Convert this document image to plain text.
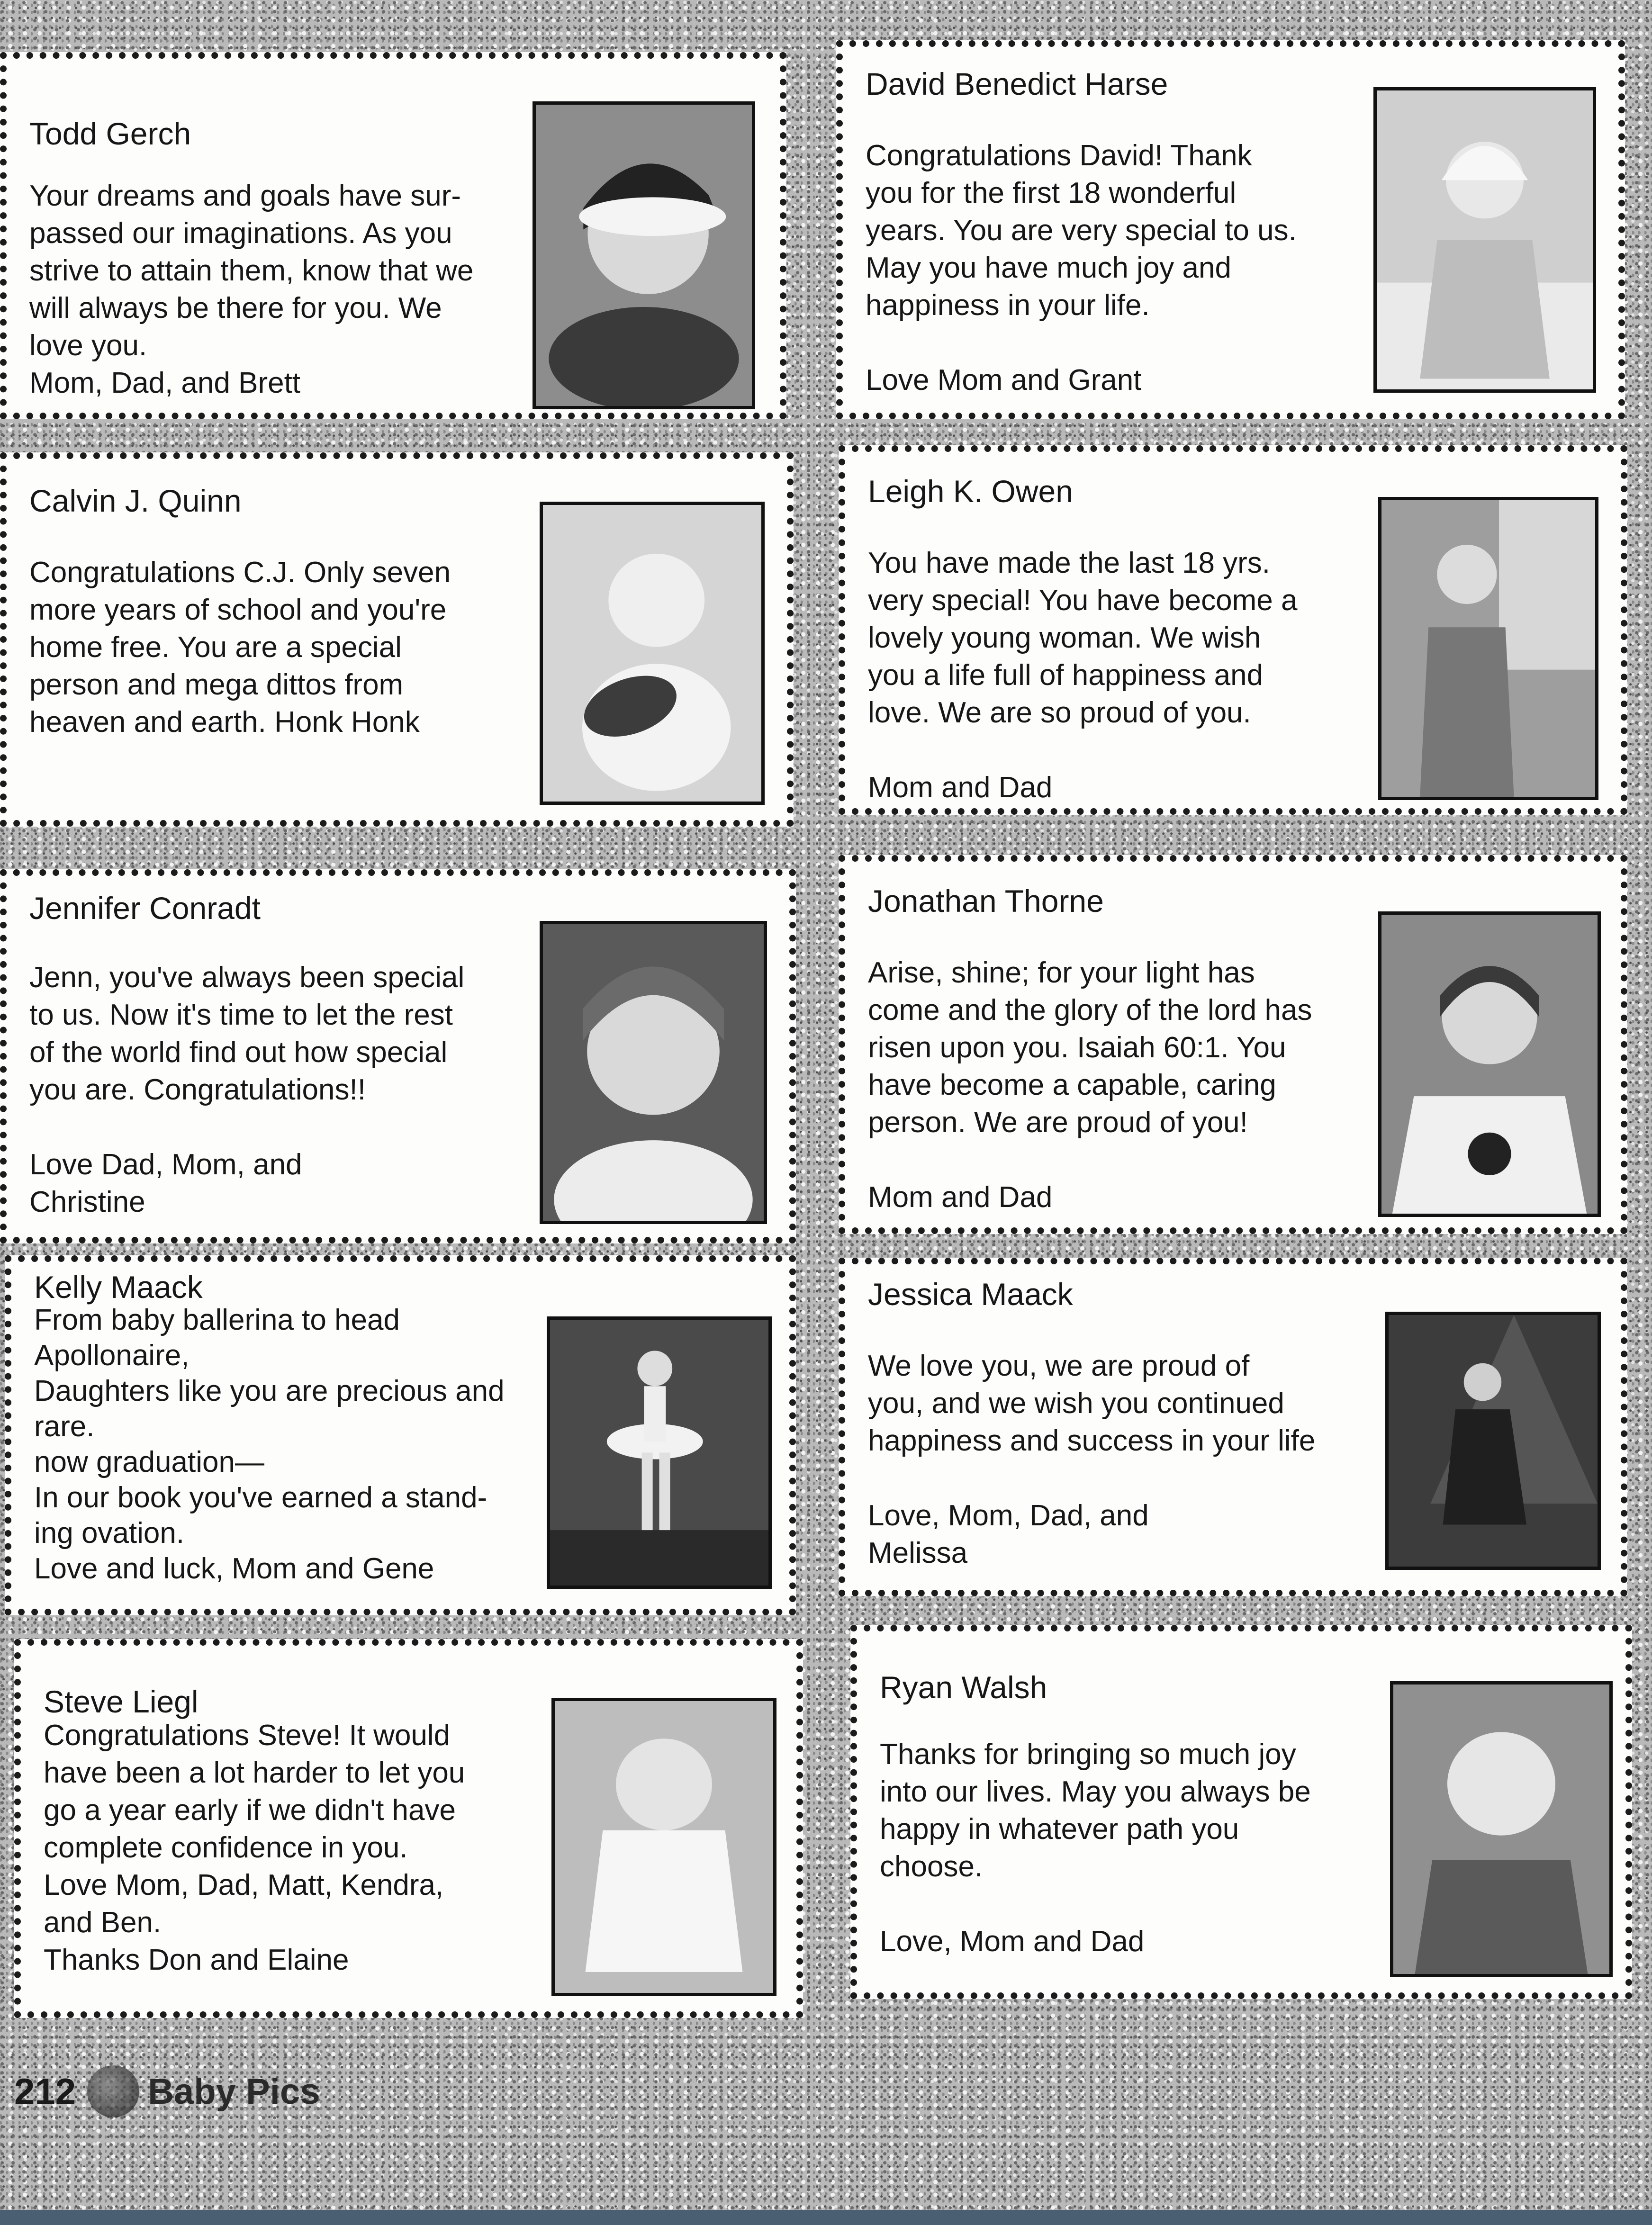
Todd Gerch
Your dreams and goals have sur-
passed our imaginations. As you
strive to attain them, know that we
will always be there for you. We
love you.
Mom, Dad, and Brett
David Benedict Harse
Congratulations David! Thank
you for the first 18 wonderful
years. You are very special to us.
May you have much joy and
happiness in your life.

Love Mom and Grant
Calvin J. Quinn
Congratulations C.J. Only seven
more years of school and you're
home free. You are a special
person and mega dittos from
heaven and earth. Honk Honk
Leigh K. Owen
You have made the last 18 yrs.
very special! You have become a
lovely young woman. We wish
you a life full of happiness and
love. We are so proud of you.

Mom and Dad
Jennifer Conradt
Jenn, you've always been special
to us. Now it's time to let the rest
of the world find out how special
you are. Congratulations!!

Love Dad, Mom, and
Christine
Jonathan Thorne
Arise, shine; for your light has
come and the glory of the lord has
risen upon you. Isaiah 60:1. You
have become a capable, caring
person. We are proud of you!

Mom and Dad
Kelly Maack
From baby ballerina to head
Apollonaire,
Daughters like you are precious and
rare.
now graduation—
In our book you've earned a stand-
ing ovation.
Love and luck, Mom and Gene
Jessica Maack
We love you, we are proud of
you, and we wish you continued
happiness and success in your life

Love, Mom, Dad, and
Melissa
Steve Liegl
Congratulations Steve! It would
have been a lot harder to let you
go a year early if we didn't have
complete confidence in you.
Love Mom, Dad, Matt, Kendra,
and Ben.
Thanks Don and Elaine
Ryan Walsh
Thanks for bringing so much joy
into our lives. May you always be
happy in whatever path you
choose.

Love, Mom and Dad
212 Baby Pics
